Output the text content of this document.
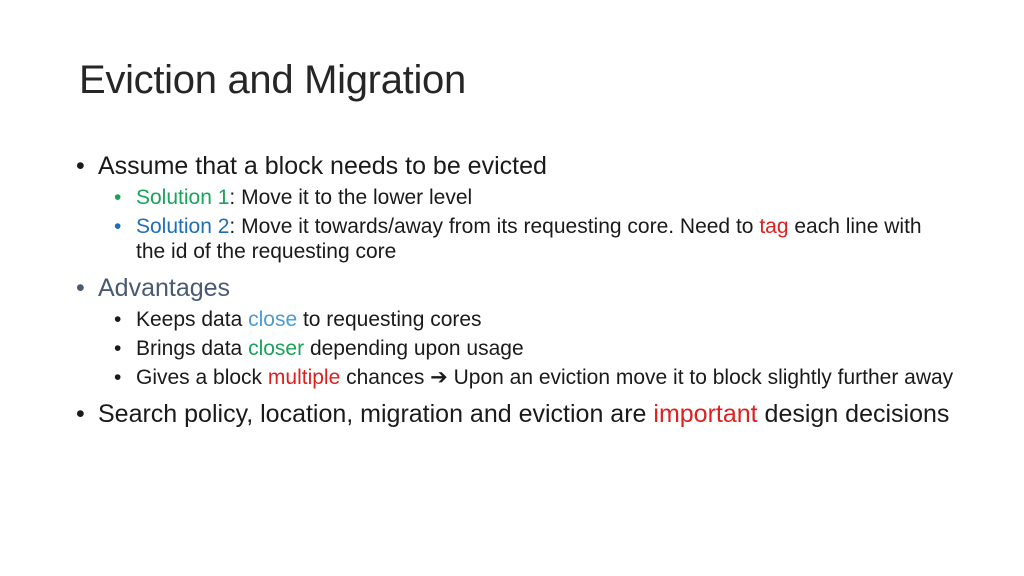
Eviction and Migration
• Assume that a block needs to be evicted
• Solution 1: Move it to the lower level
• Solution 2: Move it towards/away from its requesting core. Need to tag each line with the id of the requesting core
• Advantages
• Keeps data close to requesting cores
• Brings data closer depending upon usage
• Gives a block multiple chances ➔ Upon an eviction move it to block slightly further away
• Search policy, location, migration and eviction are important design decisions
